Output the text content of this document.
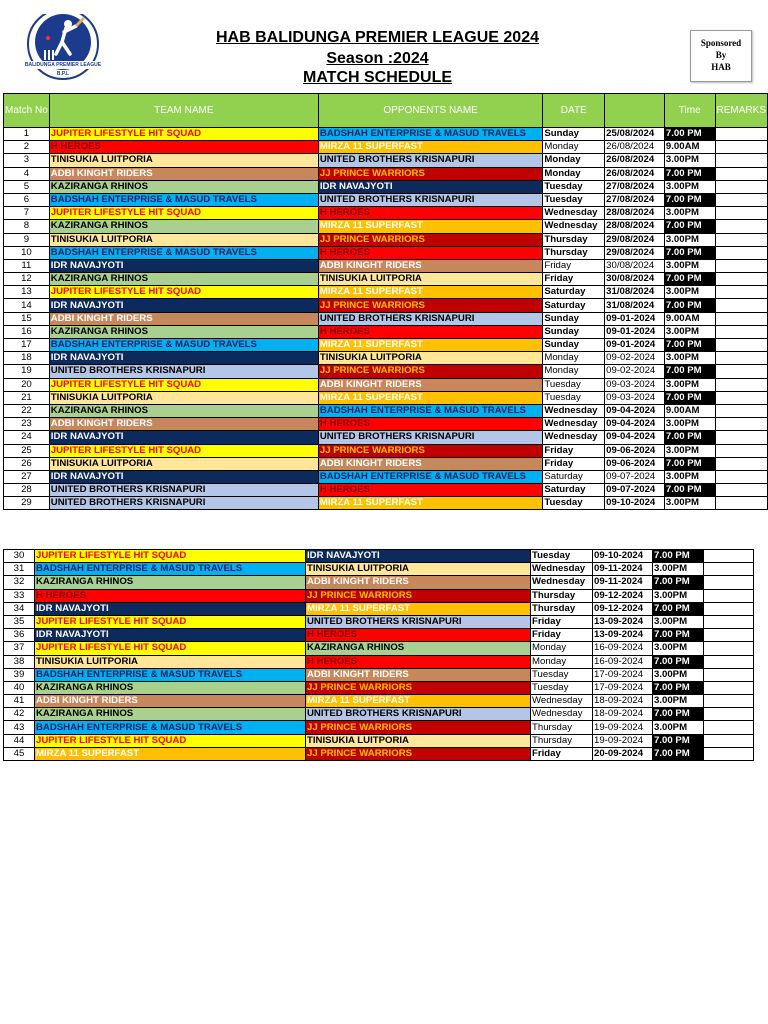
BALIDUNGA PREMIER LEAGUE
B.P.L
HAB BALIDUNGA PREMIER LEAGUE 2024
Season :2024
MATCH SCHEDULE
Sponsored
By
HAB
Match No	TEAM NAME	OPPONENTS NAME	DATE		Time	REMARKS
1	JUPITER LIFESTYLE HIT SQUAD	BADSHAH ENTERPRISE & MASUD TRAVELS	Sunday	25/08/2024	7.00 PM	
2	H HEROES	MIRZA 11 SUPERFAST	Monday	26/08/2024	9.00AM	
3	TINISUKIA LUITPORIA	UNITED BROTHERS KRISNAPURI	Monday	26/08/2024	3.00PM	
4	ADBI KINGHT RIDERS	JJ PRINCE WARRIORS	Monday	26/08/2024	7.00 PM	
5	KAZIRANGA RHINOS	IDR NAVAJYOTI	Tuesday	27/08/2024	3.00PM	
6	BADSHAH ENTERPRISE & MASUD TRAVELS	UNITED BROTHERS KRISNAPURI	Tuesday	27/08/2024	7.00 PM	
7	JUPITER LIFESTYLE HIT SQUAD	H HEROES	Wednesday	28/08/2024	3.00PM	
8	KAZIRANGA RHINOS	MIRZA 11 SUPERFAST	Wednesday	28/08/2024	7.00 PM	
9	TINISUKIA LUITPORIA	JJ PRINCE WARRIORS	Thursday	29/08/2024	3.00PM	
10	BADSHAH ENTERPRISE & MASUD TRAVELS	H HEROES	Thursday	29/08/2024	7.00 PM	
11	IDR NAVAJYOTI	ADBI KINGHT RIDERS	Friday	30/08/2024	3.00PM	
12	KAZIRANGA RHINOS	TINISUKIA LUITPORIA	Friday	30/08/2024	7.00 PM	
13	JUPITER LIFESTYLE HIT SQUAD	MIRZA 11 SUPERFAST	Saturday	31/08/2024	3.00PM	
14	IDR NAVAJYOTI	JJ PRINCE WARRIORS	Saturday	31/08/2024	7.00 PM	
15	ADBI KINGHT RIDERS	UNITED BROTHERS KRISNAPURI	Sunday	09-01-2024	9.00AM	
16	KAZIRANGA RHINOS	H HEROES	Sunday	09-01-2024	3.00PM	
17	BADSHAH ENTERPRISE & MASUD TRAVELS	MIRZA 11 SUPERFAST	Sunday	09-01-2024	7.00 PM	
18	IDR NAVAJYOTI	TINISUKIA LUITPORIA	Monday	09-02-2024	3.00PM	
19	UNITED BROTHERS KRISNAPURI	JJ PRINCE WARRIORS	Monday	09-02-2024	7.00 PM	
20	JUPITER LIFESTYLE HIT SQUAD	ADBI KINGHT RIDERS	Tuesday	09-03-2024	3.00PM	
21	TINISUKIA LUITPORIA	MIRZA 11 SUPERFAST	Tuesday	09-03-2024	7.00 PM	
22	KAZIRANGA RHINOS	BADSHAH ENTERPRISE & MASUD TRAVELS	Wednesday	09-04-2024	9.00AM	
23	ADBI KINGHT RIDERS	H HEROES	Wednesday	09-04-2024	3.00PM	
24	IDR NAVAJYOTI	UNITED BROTHERS KRISNAPURI	Wednesday	09-04-2024	7.00 PM	
25	JUPITER LIFESTYLE HIT SQUAD	JJ PRINCE WARRIORS	Friday	09-06-2024	3.00PM	
26	TINISUKIA LUITPORIA	ADBI KINGHT RIDERS	Friday	09-06-2024	7.00 PM	
27	IDR NAVAJYOTI	BADSHAH ENTERPRISE & MASUD TRAVELS	Saturday	09-07-2024	3.00PM	
28	UNITED BROTHERS KRISNAPURI	H HEROES	Saturday	09-07-2024	7.00 PM	
29	UNITED BROTHERS KRISNAPURI	MIRZA 11 SUPERFAST	Tuesday	09-10-2024	3.00PM	
30	JUPITER LIFESTYLE HIT SQUAD	IDR NAVAJYOTI	Tuesday	09-10-2024	7.00 PM	
31	BADSHAH ENTERPRISE & MASUD TRAVELS	TINISUKIA LUITPORIA	Wednesday	09-11-2024	3.00PM	
32	KAZIRANGA RHINOS	ADBI KINGHT RIDERS	Wednesday	09-11-2024	7.00 PM	
33	H HEROES	JJ PRINCE WARRIORS	Thursday	09-12-2024	3.00PM	
34	IDR NAVAJYOTI	MIRZA 11 SUPERFAST	Thursday	09-12-2024	7.00 PM	
35	JUPITER LIFESTYLE HIT SQUAD	UNITED BROTHERS KRISNAPURI	Friday	13-09-2024	3.00PM	
36	IDR NAVAJYOTI	H HEROES	Friday	13-09-2024	7.00 PM	
37	JUPITER LIFESTYLE HIT SQUAD	KAZIRANGA RHINOS	Monday	16-09-2024	3.00PM	
38	TINISUKIA LUITPORIA	H HEROES	Monday	16-09-2024	7.00 PM	
39	BADSHAH ENTERPRISE & MASUD TRAVELS	ADBI KINGHT RIDERS	Tuesday	17-09-2024	3.00PM	
40	KAZIRANGA RHINOS	JJ PRINCE WARRIORS	Tuesday	17-09-2024	7.00 PM	
41	ADBI KINGHT RIDERS	MIRZA 11 SUPERFAST	Wednesday	18-09-2024	3.00PM	
42	KAZIRANGA RHINOS	UNITED BROTHERS KRISNAPURI	Wednesday	18-09-2024	7.00 PM	
43	BADSHAH ENTERPRISE & MASUD TRAVELS	JJ PRINCE WARRIORS	Thursday	19-09-2024	3.00PM	
44	JUPITER LIFESTYLE HIT SQUAD	TINISUKIA LUITPORIA	Thursday	19-09-2024	7.00 PM	
45	MIRZA 11 SUPERFAST	JJ PRINCE WARRIORS	Friday	20-09-2024	7.00 PM	
